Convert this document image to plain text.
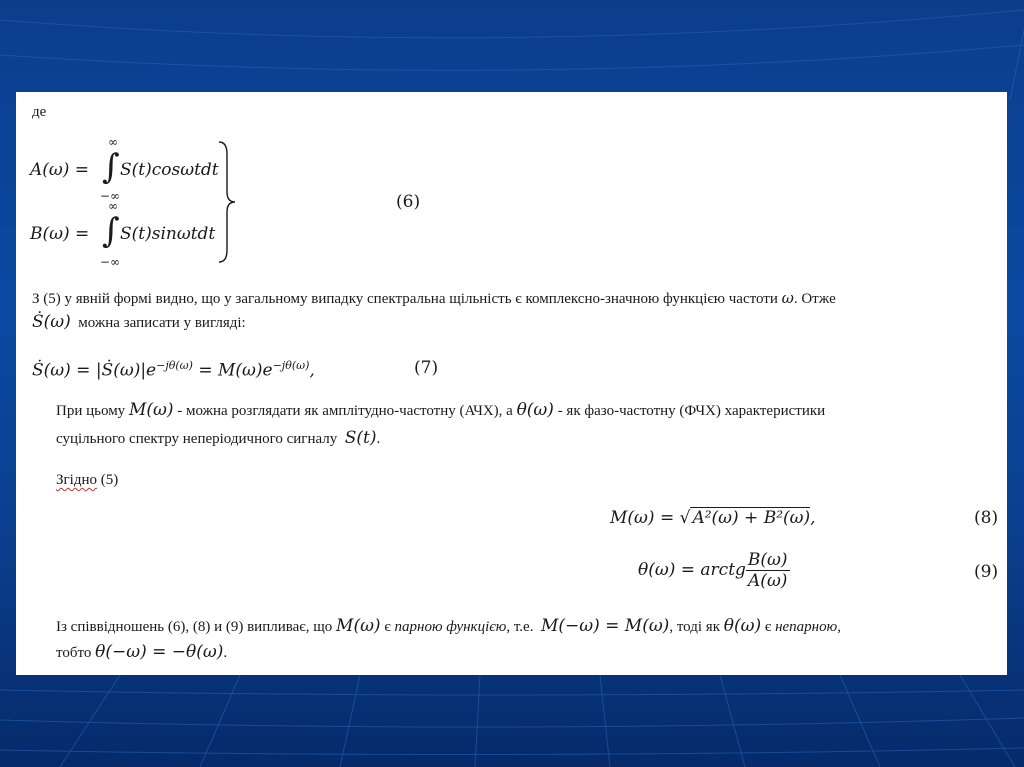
де
A(ω) =
∞
∫
−∞
S(t)cosωtdt
∞
B(ω) = ∫
−∞
S(t)sinωtdt
(6)
З (5) у явній формі видно, що у загальному випадку спектральна щільність є комплексно-значною функцією частоти ω. Отже
Ṡ(ω) можна записати у вигляді:
Ṡ(ω) = $|Ṡ(\omega)|e^{-j\theta(\omega)} = M(\omega)e^{-j\theta(\omega)}$,	(7)
При цьому M(ω) - можна розглядати як амплітудно-частотну (АЧХ), а θ(ω) - як фазо-частотну (ФЧХ) характеристики
суцільного спектру неперіодичного сигналу S(t).
Згідно (5)
M(ω) = √ A²(ω) + B²(ω),	(8)
θ(ω) = arctg $\frac{B(\omega)}{A(\omega)}$	(9)
Із співвідношень (6), (8) и (9) випливає, що M(ω) є парною функцією, т.е. M(−ω) = M(ω), тоді як θ(ω) є непарною,
тобто θ(−ω) = −θ(ω).
